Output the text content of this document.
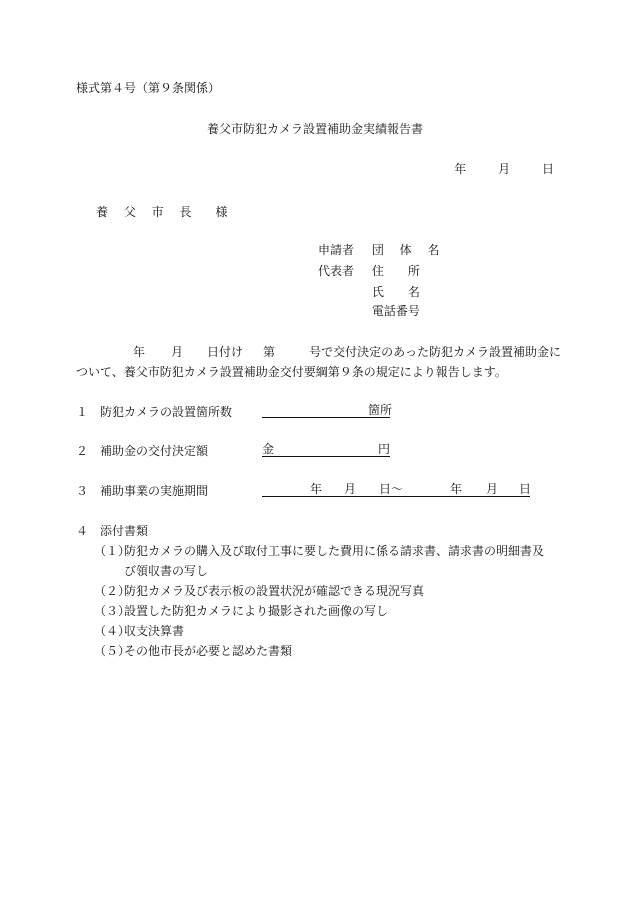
様式第４号（第９条関係）
養父市防犯カメラ設置補助金実績報告書
年	月	日
養 父 市 長 様
申請者 団 体 名
代表者 住　　所
氏　　名
電話番号
年 月 日付け 第	号で交付決定のあった防犯カメラ設置補助金に
ついて、養父市防犯カメラ設置補助金交付要綱第９条の規定により報告します。
１ 防犯カメラの設置箇所数	箇所
２ 補助金の交付決定額	金	円
３ 補助事業の実施期間	年 月 日～	年 月 日
４ 添付書類
（１）防犯カメラの購入及び取付工事に要した費用に係る請求書、請求書の明細書及
び領収書の写し
（２）防犯カメラ及び表示板の設置状況が確認できる現況写真
（３）設置した防犯カメラにより撮影された画像の写し
（４）収支決算書
（５）その他市長が必要と認めた書類
